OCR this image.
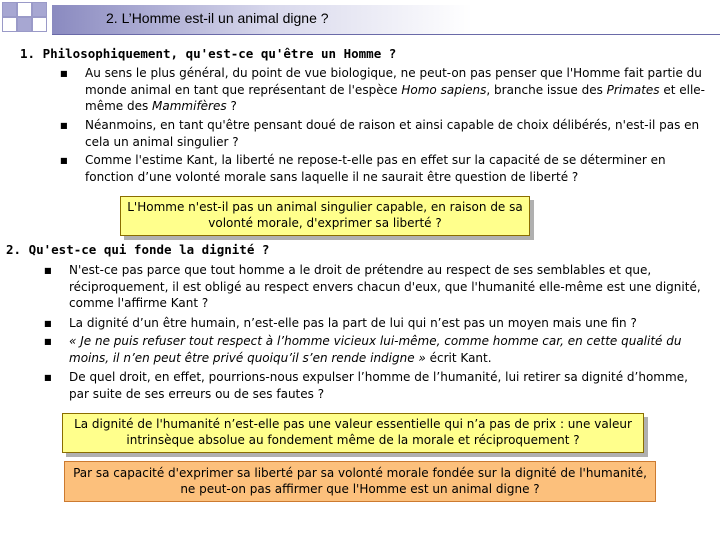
2. L’Homme est-il un animal digne ?
1. Philosophiquement, qu'est-ce qu'être un Homme ?
■ Au sens le plus général, du point de vue biologique, ne peut-on pas penser que l'Homme fait partie du monde animal en tant que représentant de l'espèce Homo sapiens, branche issue des Primates et elle-même des Mammifères ?
■ Néanmoins, en tant qu'être pensant doué de raison et ainsi capable de choix délibérés, n'est-il pas en cela un animal singulier ?
■ Comme l'estime Kant, la liberté ne repose-t-elle pas en effet sur la capacité de se déterminer en fonction d’une volonté morale sans laquelle il ne saurait être question de liberté ?
L'Homme n'est-il pas un animal singulier capable, en raison de sa volonté morale, d'exprimer sa liberté ?
2. Qu'est-ce qui fonde la dignité ?
■ N'est-ce pas parce que tout homme a le droit de prétendre au respect de ses semblables et que, réciproquement, il est obligé au respect envers chacun d'eux, que l'humanité elle-même est une dignité, comme l'affirme Kant ?
■ La dignité d’un être humain, n’est-elle pas la part de lui qui n’est pas un moyen mais une fin ?
■ « Je ne puis refuser tout respect à l’homme vicieux lui-même, comme homme car, en cette qualité du moins, il n’en peut être privé quoiqu’il s’en rende indigne » écrit Kant.
■ De quel droit, en effet, pourrions-nous expulser l’homme de l’humanité, lui retirer sa dignité d’homme, par suite de ses erreurs ou de ses fautes ?
La dignité de l'humanité n’est-elle pas une valeur essentielle qui n’a pas de prix : une valeur intrinsèque absolue au fondement même de la morale et réciproquement ?
Par sa capacité d'exprimer sa liberté par sa volonté morale fondée sur la dignité de l'humanité, ne peut-on pas affirmer que l'Homme est un animal digne ?
